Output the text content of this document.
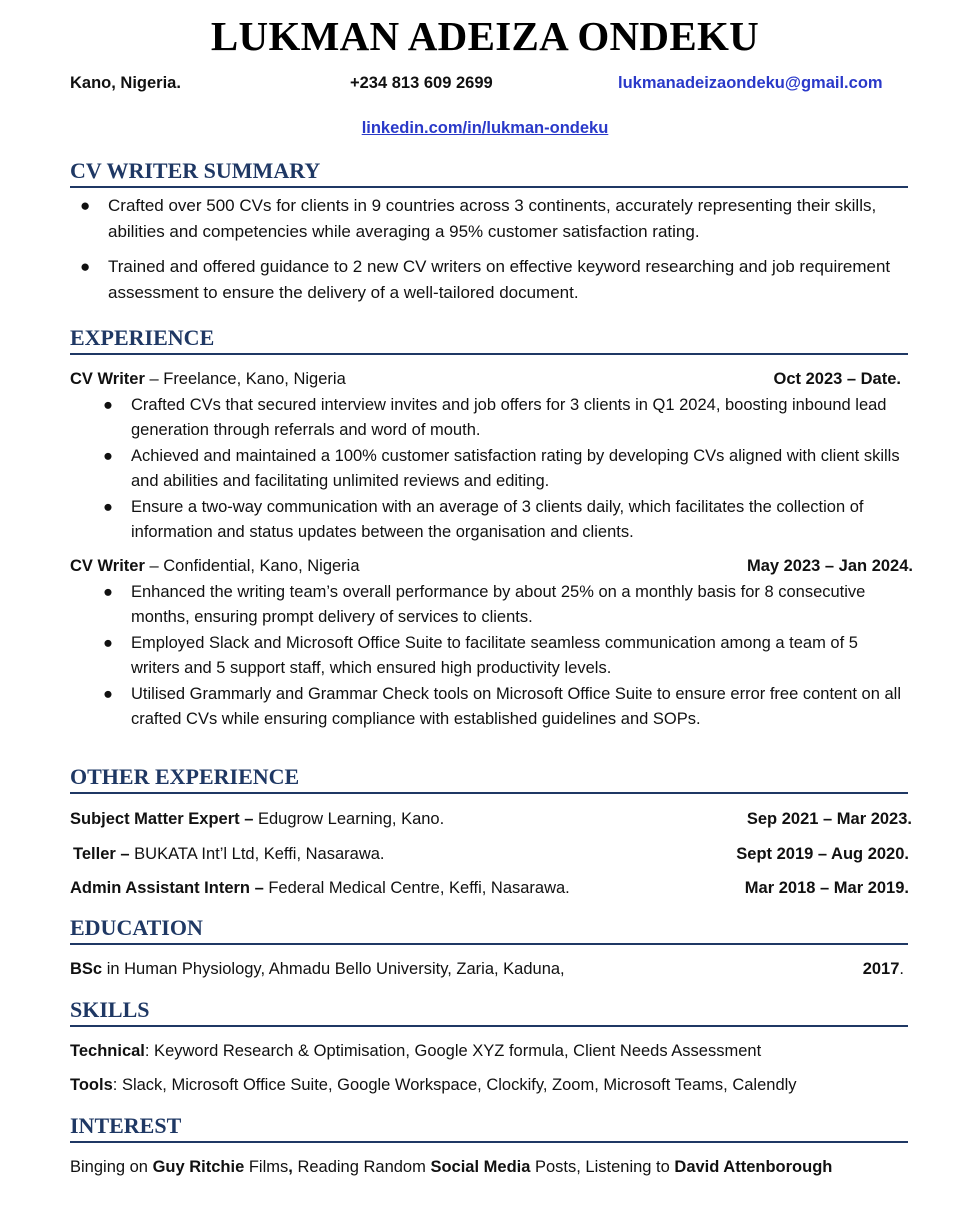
LUKMAN ADEIZA ONDEKU
Kano, Nigeria.	+234 813 609 2699	lukmanadeizaondeku@gmail.com
linkedin.com/in/lukman-ondeku
CV WRITER SUMMARY
● Crafted over 500 CVs for clients in 9 countries across 3 continents, accurately representing their skills, abilities and competencies while averaging a 95% customer satisfaction rating.
● Trained and offered guidance to 2 new CV writers on effective keyword researching and job requirement assessment to ensure the delivery of a well-tailored document.
EXPERIENCE
CV Writer – Freelance, Kano, Nigeria	Oct 2023 – Date.
● Crafted CVs that secured interview invites and job offers for 3 clients in Q1 2024, boosting inbound lead generation through referrals and word of mouth.
● Achieved and maintained a 100% customer satisfaction rating by developing CVs aligned with client skills and abilities and facilitating unlimited reviews and editing.
● Ensure a two-way communication with an average of 3 clients daily, which facilitates the collection of information and status updates between the organisation and clients.
CV Writer – Confidential, Kano, Nigeria	May 2023 – Jan 2024.
● Enhanced the writing team’s overall performance by about 25% on a monthly basis for 8 consecutive months, ensuring prompt delivery of services to clients.
● Employed Slack and Microsoft Office Suite to facilitate seamless communication among a team of 5 writers and 5 support staff, which ensured high productivity levels.
● Utilised Grammarly and Grammar Check tools on Microsoft Office Suite to ensure error free content on all crafted CVs while ensuring compliance with established guidelines and SOPs.
OTHER EXPERIENCE
Subject Matter Expert – Edugrow Learning, Kano.	Sep 2021 – Mar 2023.
Teller – BUKATA Int’l Ltd, Keffi, Nasarawa.	Sept 2019 – Aug 2020.
Admin Assistant Intern – Federal Medical Centre, Keffi, Nasarawa.	Mar 2018 – Mar 2019.
EDUCATION
BSc in Human Physiology, Ahmadu Bello University, Zaria, Kaduna,	2017.
SKILLS
Technical: Keyword Research & Optimisation, Google XYZ formula, Client Needs Assessment
Tools: Slack, Microsoft Office Suite, Google Workspace, Clockify, Zoom, Microsoft Teams, Calendly
INTEREST
Binging on Guy Ritchie Films, Reading Random Social Media Posts, Listening to David Attenborough
